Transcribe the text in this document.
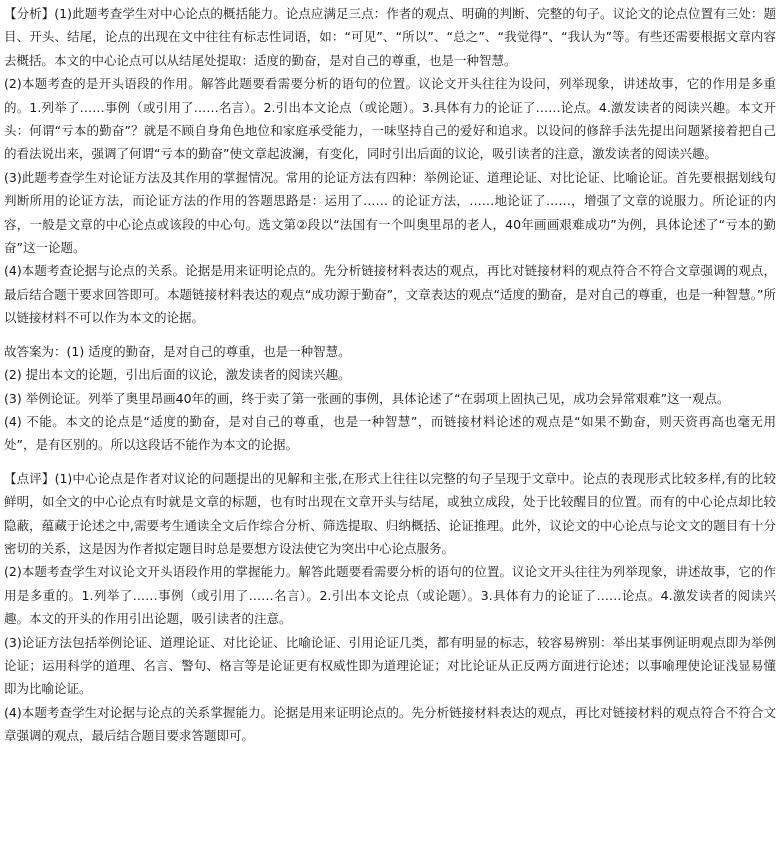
【分析】(1)此题考查学生对中心论点的概括能力。论点应满足三点：作者的观点、明确的判断、完整的句子。议论文的论点位置有三处：题目、开头、结尾，论点的出现在文中往往有标志性词语，如：“可见”、“所以”、“总之”、“我觉得”、“我认为”等。有些还需要根据文章内容去概括。本文的中心论点可以从结尾处提取：适度的勤奋，是对自己的尊重，也是一种智慧。

(2)本题考查的是开头语段的作用。解答此题要看需要分析的语句的位置。议论文开头往往为设问，列举现象，讲述故事，它的作用是多重的。1.列举了……事例（或引用了……名言）。2.引出本文论点（或论题）。3.具体有力的论证了……论点。4.激发读者的阅读兴趣。本文开头：何谓“亏本的勤奋”？就是不顾自身角色地位和家庭承受能力，一味坚持自己的爱好和追求。以设问的修辞手法先提出问题紧接着把自己的看法说出来，强调了何谓“亏本的勤奋”使文章起波澜，有变化，同时引出后面的议论，吸引读者的注意，激发读者的阅读兴趣。

(3)此题考查学生对论证方法及其作用的掌握情况。常用的论证方法有四种：举例论证、道理论证、对比论证、比喻论证。首先要根据划线句判断所用的论证方法，而论证方法的作用的答题思路是：运用了…… 的论证方法，……地论证了……，增强了文章的说服力。所论证的内容，一般是文章的中心论点或该段的中心句。选文第②段以“法国有一个叫奥里昂的老人，40年画画艰难成功”为例，具体论述了“亏本的勤奋”这一论题。

(4)本题考查论据与论点的关系。论据是用来证明论点的。先分析链接材料表达的观点，再比对链接材料的观点符合不符合文章强调的观点，最后结合题干要求回答即可。本题链接材料表达的观点“成功源于勤奋”，文章表达的观点“适度的勤奋，是对自己的尊重，也是一种智慧。”所以链接材料不可以作为本文的论据。

故答案为：(1) 适度的勤奋，是对自己的尊重，也是一种智慧。

(2) 提出本文的论题，引出后面的议论，激发读者的阅读兴趣。

(3) 举例论证。列举了奥里昂画40年的画，终于卖了第一张画的事例，具体论述了“在弱项上固执己见，成功会异常艰难”这一观点。

(4) 不能。本文的论点是“适度的勤奋，是对自己的尊重，也是一种智慧”，而链接材料论述的观点是“如果不勤奋，则天资再高也毫无用处”，是有区别的。所以这段话不能作为本文的论据。

【点评】(1)中心论点是作者对议论的问题提出的见解和主张,在形式上往往以完整的句子呈现于文章中。论点的表现形式比较多样,有的比较鲜明，如全文的中心论点有时就是文章的标题，也有时出现在文章开头与结尾，或独立成段，处于比较醒目的位置。而有的中心论点却比较隐蔽，蕴藏于论述之中,需要考生通读全文后作综合分析、筛选提取、归纳概括、论证推理。此外，议论文的中心论点与论文文的题目有十分密切的关系，这是因为作者拟定题目时总是要想方设法使它为突出中心论点服务。

(2)本题考查学生对议论文开头语段作用的掌握能力。解答此题要看需要分析的语句的位置。议论文开头往往为列举现象，讲述故事，它的作用是多重的。1.列举了……事例（或引用了……名言）。2.引出本文论点（或论题）。3.具体有力的论证了……论点。4.激发读者的阅读兴趣。本文的开头的作用引出论题，吸引读者的注意。

(3)论证方法包括举例论证、道理论证、对比论证、比喻论证、引用论证几类，都有明显的标志，较容易辨别：举出某事例证明观点即为举例论证；运用科学的道理、名言、警句、格言等是论证更有权威性即为道理论证；对比论证从正反两方面进行论述；以事喻理使论证浅显易懂即为比喻论证。

(4)本题考查学生对论据与论点的关系掌握能力。论据是用来证明论点的。先分析链接材料表达的观点，再比对链接材料的观点符合不符合文章强调的观点，最后结合题目要求答题即可。
